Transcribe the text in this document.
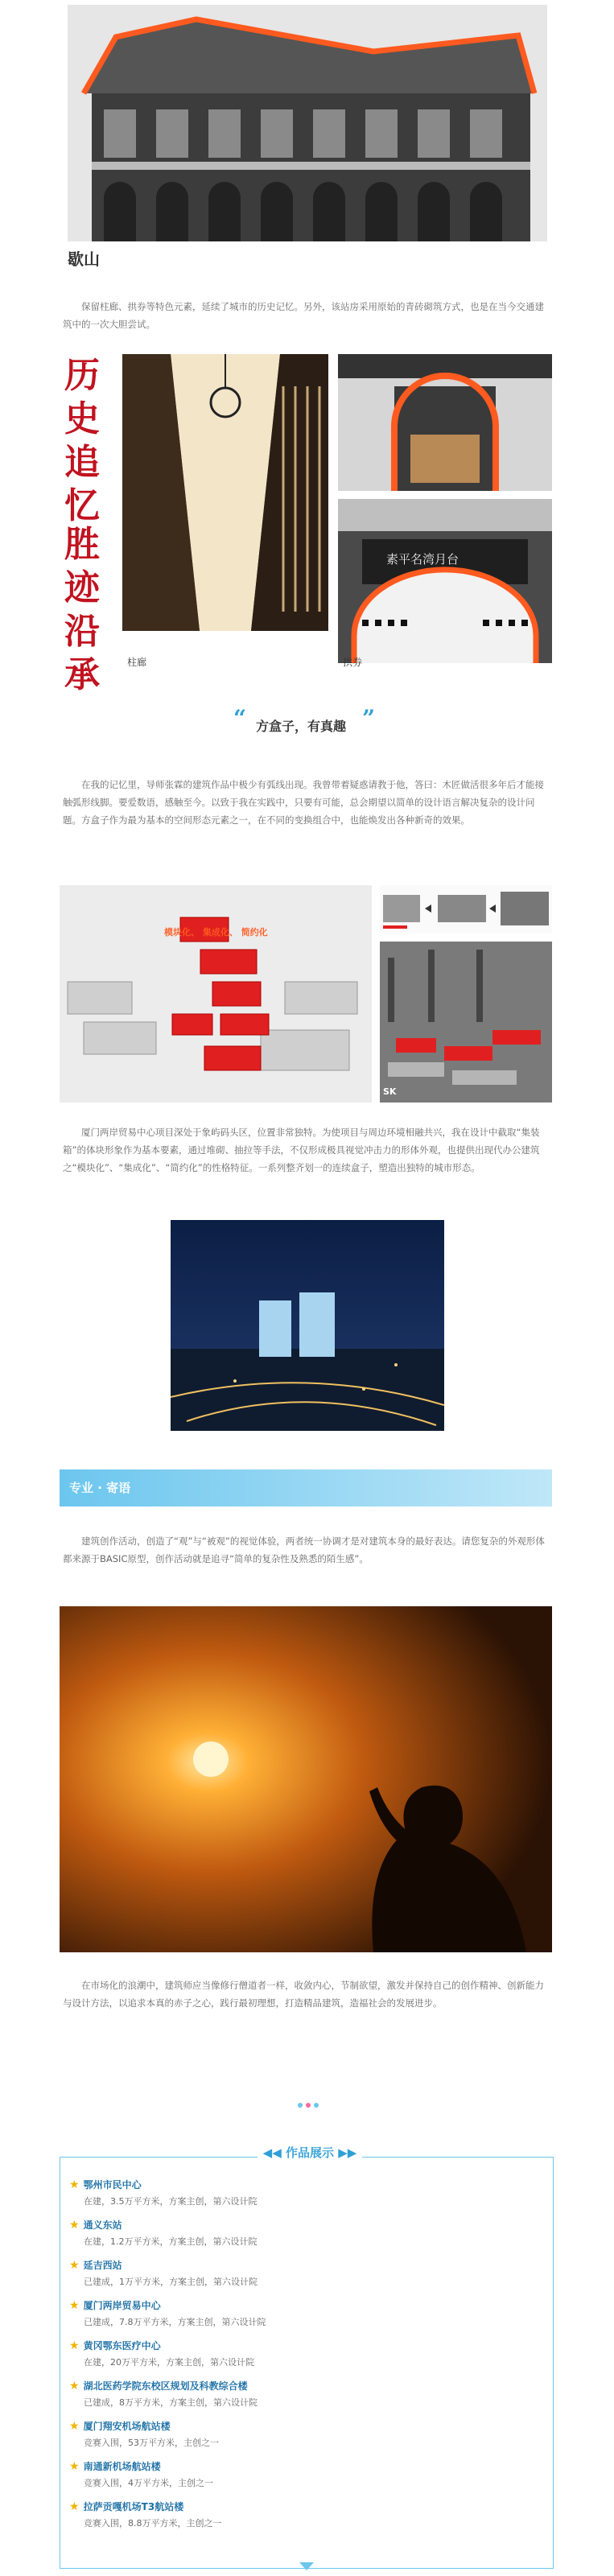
歇山
保留柱廊、拱券等特色元素，延续了城市的历史记忆。另外，该站房采用原始的青砖砌筑方式，也是在当今交通建筑中的一次大胆尝试。
历史追忆
胜迹沿承	柱廊
素平名湾月台
拱券
“ 方盒子，有真趣 ”
在我的记忆里，导师张霖的建筑作品中极少有弧线出现。我曾带着疑惑请教于他，答曰：木匠做活很多年后才能接触弧形线脚。要爱数语，感触至今。以致于我在实践中，只要有可能，总会期望以简单的设计语言解决复杂的设计问题。方盒子作为最为基本的空间形态元素之一，在不同的变换组合中，也能焕发出各种新奇的效果。
模块化、 集成化、 简约化
SK
厦门两岸贸易中心项目深处于象屿码头区，位置非常独特。为使项目与周边环境相融共兴，我在设计中截取“集装箱”的体块形象作为基本要素，通过堆砌、抽拉等手法，不仅形成极具视觉冲击力的形体外观，也提供出现代办公建筑之“模块化”、“集成化”、“简约化”的性格特征。一系列整齐划一的连续盒子，塑造出独特的城市形态。
专业 · 寄语
建筑创作活动，创造了“观”与“被观”的视觉体验，两者统一协调才是对建筑本身的最好表达。请您复杂的外观形体都来源于BASIC原型，创作活动就是追寻“简单的复杂性及熟悉的陌生感”。
在市场化的浪潮中，建筑师应当像修行僧道者一样，收敛内心，节制欲望，激发并保持自己的创作精神、创新能力与设计方法，以追求本真的赤子之心，践行最初理想，打造精品建筑，造福社会的发展进步。
◀◀ 作品展示 ▶▶
★ 鄂州市民中心
在建，3.5万平方米，方案主创，第六设计院
★ 通义东站
在建，1.2万平方米，方案主创，第六设计院
★ 延吉西站
已建成，1万平方米，方案主创，第六设计院
★ 厦门两岸贸易中心
已建成，7.8万平方米，方案主创，第六设计院
★ 黄冈鄂东医疗中心
在建，20万平方米，方案主创，第六设计院
★ 湖北医药学院东校区规划及科教综合楼
已建成，8万平方米，方案主创，第六设计院
★ 厦门翔安机场航站楼
竞赛入围，53万平方米，主创之一
★ 南通新机场航站楼
竞赛入围，4万平方米，主创之一
★ 拉萨贡嘎机场T3航站楼
竞赛入围，8.8万平方米，主创之一
